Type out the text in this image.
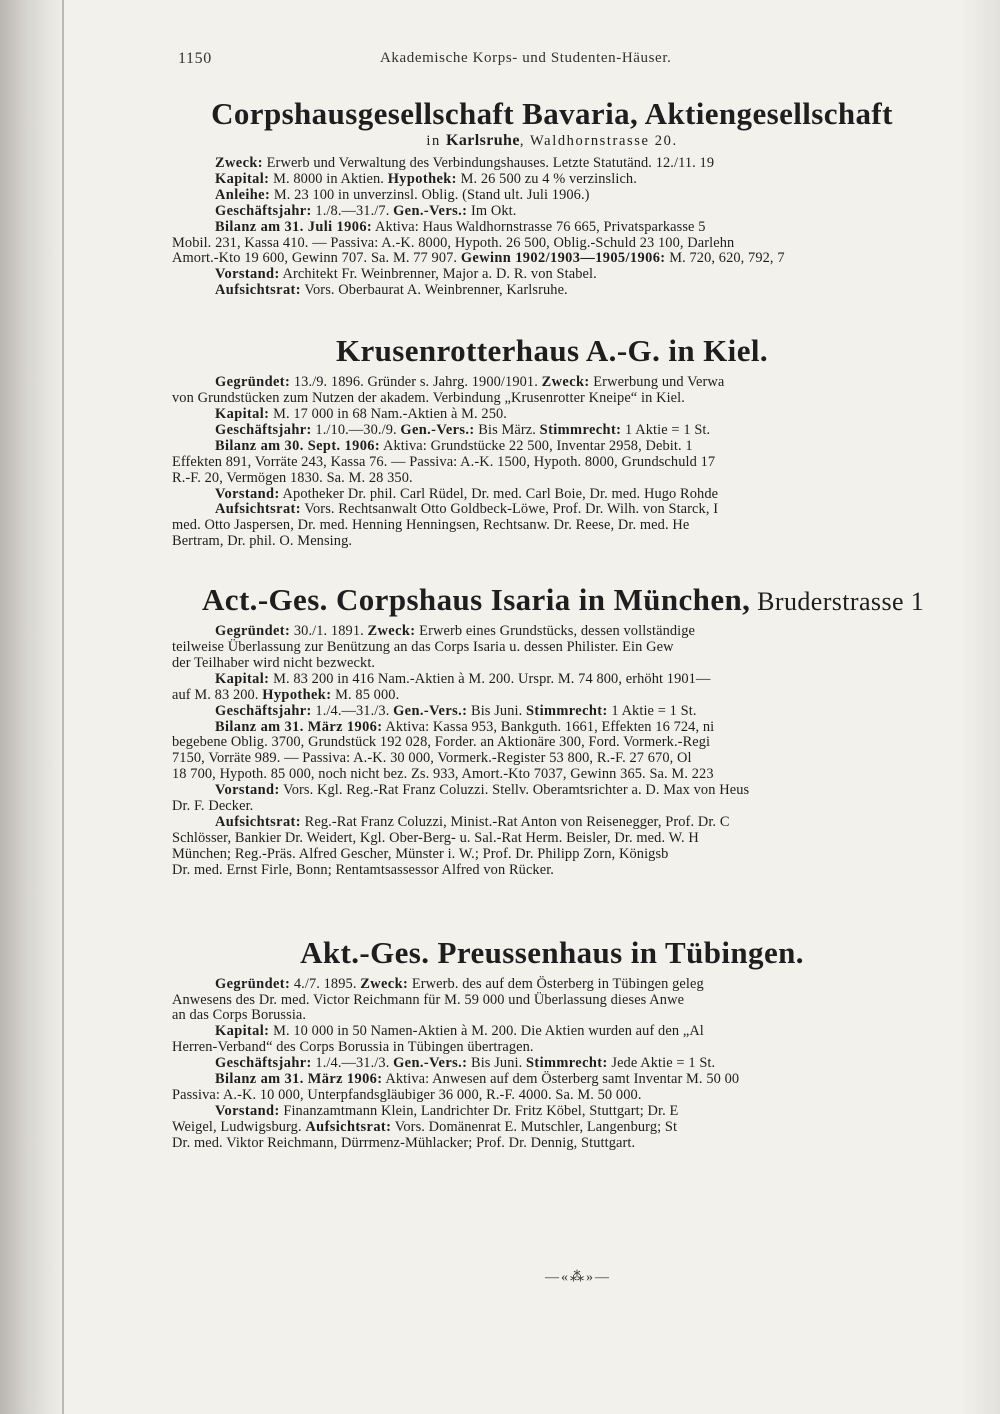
1150	Akademische Korps- und Studenten-Häuser.
Corpshausgesellschaft Bavaria, Aktiengesellschaft
in Karlsruhe, Waldhornstrasse 20.
Zweck: Erwerb und Verwaltung des Verbindungshauses. Letzte Statutänd. 12./11. 19
Kapital: M. 8000 in Aktien. Hypothek: M. 26 500 zu 4 % verzinslich.
Anleihe: M. 23 100 in unverzinsl. Oblig. (Stand ult. Juli 1906.)
Geschäftsjahr: 1./8.—31./7. Gen.-Vers.: Im Okt.
Bilanz am 31. Juli 1906: Aktiva: Haus Waldhornstrasse 76 665, Privatsparkasse 5
Mobil. 231, Kassa 410. — Passiva: A.-K. 8000, Hypoth. 26 500, Oblig.-Schuld 23 100, Darlehn
Amort.-Kto 19 600, Gewinn 707. Sa. M. 77 907. Gewinn 1902/1903—1905/1906: M. 720, 620, 792, 7
Vorstand: Architekt Fr. Weinbrenner, Major a. D. R. von Stabel.
Aufsichtsrat: Vors. Oberbaurat A. Weinbrenner, Karlsruhe.
Krusenrotterhaus A.-G. in Kiel.
Gegründet: 13./9. 1896. Gründer s. Jahrg. 1900/1901. Zweck: Erwerbung und Verwa
von Grundstücken zum Nutzen der akadem. Verbindung „Krusenrotter Kneipe“ in Kiel.
Kapital: M. 17 000 in 68 Nam.-Aktien à M. 250.
Geschäftsjahr: 1./10.—30./9. Gen.-Vers.: Bis März. Stimmrecht: 1 Aktie = 1 St.
Bilanz am 30. Sept. 1906: Aktiva: Grundstücke 22 500, Inventar 2958, Debit. 1
Effekten 891, Vorräte 243, Kassa 76. — Passiva: A.-K. 1500, Hypoth. 8000, Grundschuld 17
R.-F. 20, Vermögen 1830. Sa. M. 28 350.
Vorstand: Apotheker Dr. phil. Carl Rüdel, Dr. med. Carl Boie, Dr. med. Hugo Rohde
Aufsichtsrat: Vors. Rechtsanwalt Otto Goldbeck-Löwe, Prof. Dr. Wilh. von Starck, I
med. Otto Jaspersen, Dr. med. Henning Henningsen, Rechtsanw. Dr. Reese, Dr. med. He
Bertram, Dr. phil. O. Mensing.
Act.-Ges. Corpshaus Isaria in München, Bruderstrasse 1
Gegründet: 30./1. 1891. Zweck: Erwerb eines Grundstücks, dessen vollständige
teilweise Überlassung zur Benützung an das Corps Isaria u. dessen Philister. Ein Gew
der Teilhaber wird nicht bezweckt.
Kapital: M. 83 200 in 416 Nam.-Aktien à M. 200. Urspr. M. 74 800, erhöht 1901—
auf M. 83 200. Hypothek: M. 85 000.
Geschäftsjahr: 1./4.—31./3. Gen.-Vers.: Bis Juni. Stimmrecht: 1 Aktie = 1 St.
Bilanz am 31. März 1906: Aktiva: Kassa 953, Bankguth. 1661, Effekten 16 724, ni
begebene Oblig. 3700, Grundstück 192 028, Forder. an Aktionäre 300, Ford. Vormerk.-Regi
7150, Vorräte 989. — Passiva: A.-K. 30 000, Vormerk.-Register 53 800, R.-F. 27 670, Ol
18 700, Hypoth. 85 000, noch nicht bez. Zs. 933, Amort.-Kto 7037, Gewinn 365. Sa. M. 223
Vorstand: Vors. Kgl. Reg.-Rat Franz Coluzzi. Stellv. Oberamtsrichter a. D. Max von Heus
Dr. F. Decker.
Aufsichtsrat: Reg.-Rat Franz Coluzzi, Minist.-Rat Anton von Reisenegger, Prof. Dr. C
Schlösser, Bankier Dr. Weidert, Kgl. Ober-Berg- u. Sal.-Rat Herm. Beisler, Dr. med. W. H
München; Reg.-Präs. Alfred Gescher, Münster i. W.; Prof. Dr. Philipp Zorn, Königsb
Dr. med. Ernst Firle, Bonn; Rentamtsassessor Alfred von Rücker.
Akt.-Ges. Preussenhaus in Tübingen.
Gegründet: 4./7. 1895. Zweck: Erwerb. des auf dem Österberg in Tübingen geleg
Anwesens des Dr. med. Victor Reichmann für M. 59 000 und Überlassung dieses Anwe
an das Corps Borussia.
Kapital: M. 10 000 in 50 Namen-Aktien à M. 200. Die Aktien wurden auf den „Al
Herren-Verband“ des Corps Borussia in Tübingen übertragen.
Geschäftsjahr: 1./4.—31./3. Gen.-Vers.: Bis Juni. Stimmrecht: Jede Aktie = 1 St.
Bilanz am 31. März 1906: Aktiva: Anwesen auf dem Österberg samt Inventar M. 50 00
Passiva: A.-K. 10 000, Unterpfandsgläubiger 36 000, R.-F. 4000. Sa. M. 50 000.
Vorstand: Finanzamtmann Klein, Landrichter Dr. Fritz Köbel, Stuttgart; Dr. E
Weigel, Ludwigsburg. Aufsichtsrat: Vors. Domänenrat E. Mutschler, Langenburg; St
Dr. med. Viktor Reichmann, Dürrmenz-Mühlacker; Prof. Dr. Dennig, Stuttgart.
—«⁂»—
